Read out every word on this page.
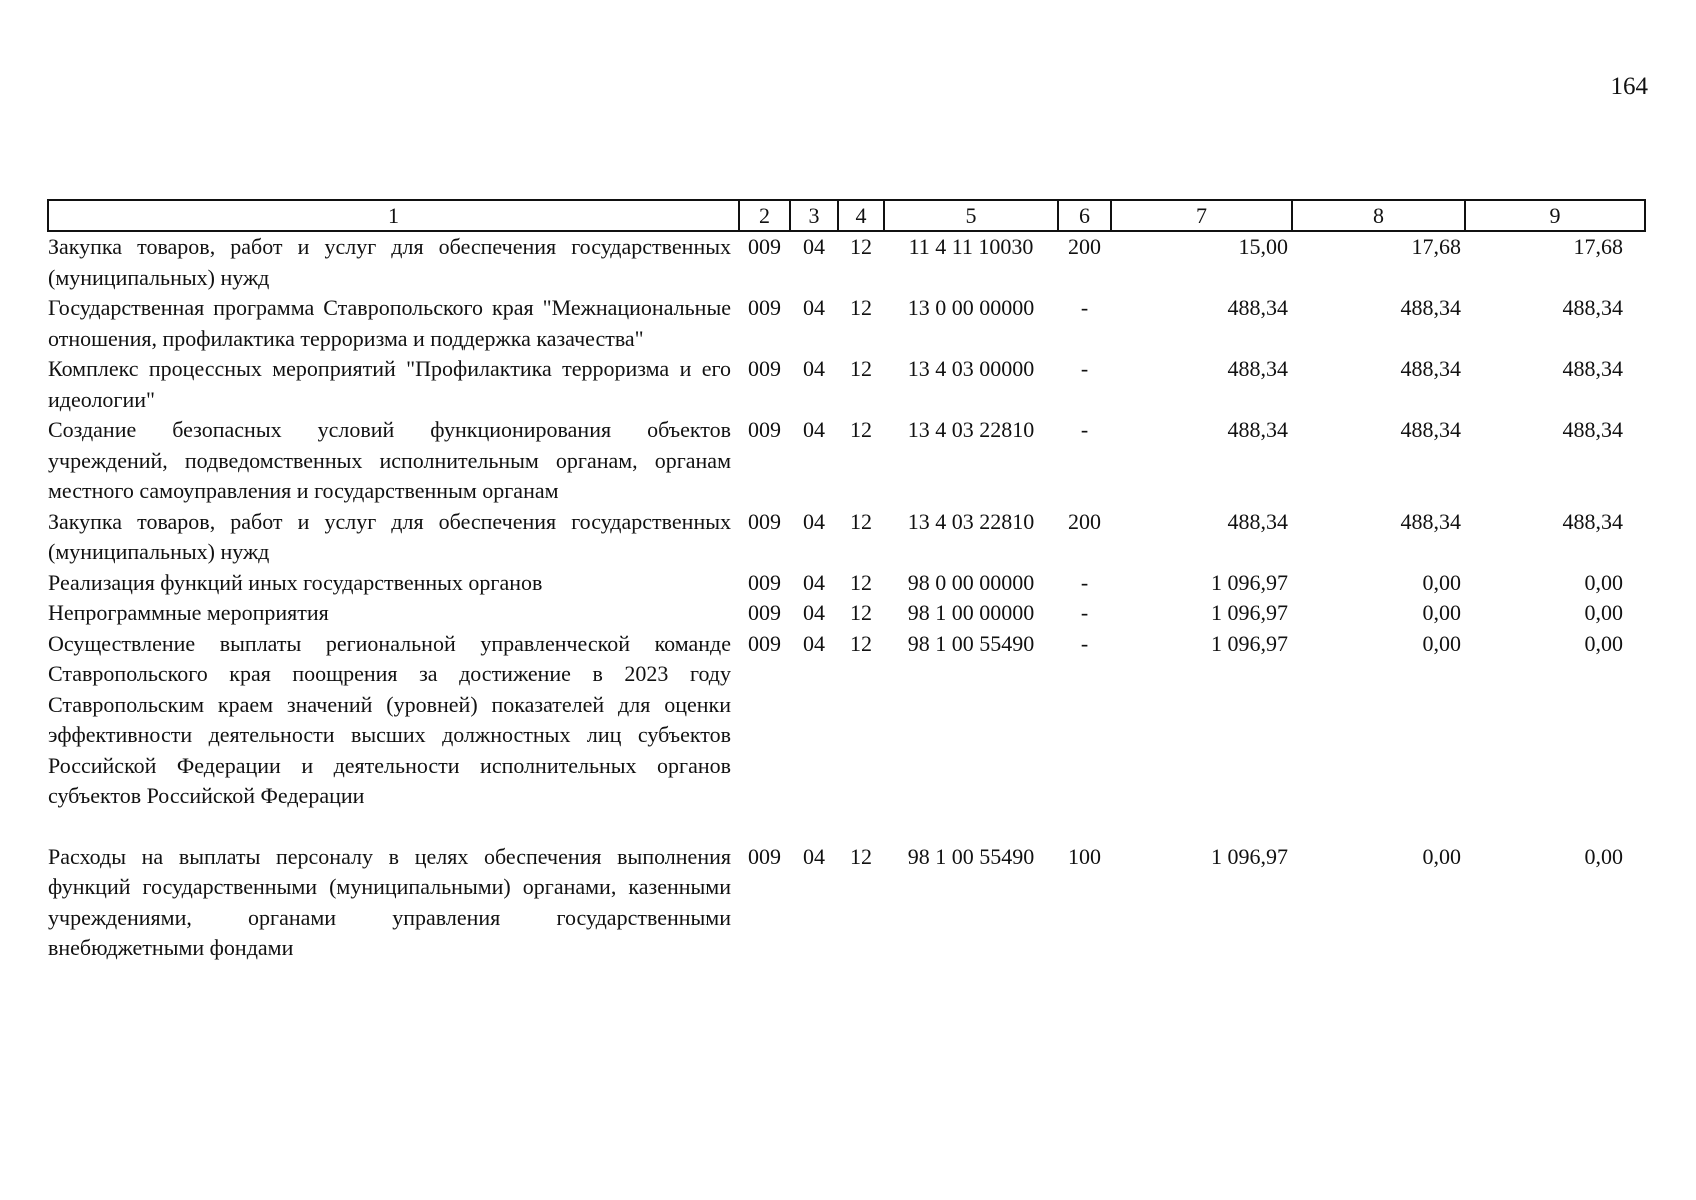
164
1	2	3	4	5	6	7	8	9
Закупка товаров, работ и услуг для обеспечения государственных (муниципальных) нужд	009	04	12	11 4 11 10030	200	15,00	17,68	17,68
Государственная программа Ставропольского края "Межнациональные отношения, профилактика терроризма и поддержка казачества"	009	04	12	13 0 00 00000	-	488,34	488,34	488,34
Комплекс процессных мероприятий "Профилактика терроризма и его идеологии"	009	04	12	13 4 03 00000	-	488,34	488,34	488,34
Создание безопасных условий функционирования объектов учреждений, подведомственных исполнительным органам, органам местного самоуправления и государственным органам	009	04	12	13 4 03 22810	-	488,34	488,34	488,34
Закупка товаров, работ и услуг для обеспечения государственных (муниципальных) нужд	009	04	12	13 4 03 22810	200	488,34	488,34	488,34
Реализация функций иных государственных органов	009	04	12	98 0 00 00000	-	1 096,97	0,00	0,00
Непрограммные мероприятия	009	04	12	98 1 00 00000	-	1 096,97	0,00	0,00
Осуществление выплаты региональной управленческой команде Ставропольского края поощрения за достижение в 2023 году Ставропольским краем значений (уровней) показателей для оценки эффективности деятельности высших должностных лиц субъектов Российской Федерации и деятельности исполнительных органов субъектов Российской Федерации	009	04	12	98 1 00 55490	-	1 096,97	0,00	0,00
Расходы на выплаты персоналу в целях обеспечения выполнения функций государственными (муниципальными) органами, казенными учреждениями, органами управления государственными внебюджетными фондами	009	04	12	98 1 00 55490	100	1 096,97	0,00	0,00
